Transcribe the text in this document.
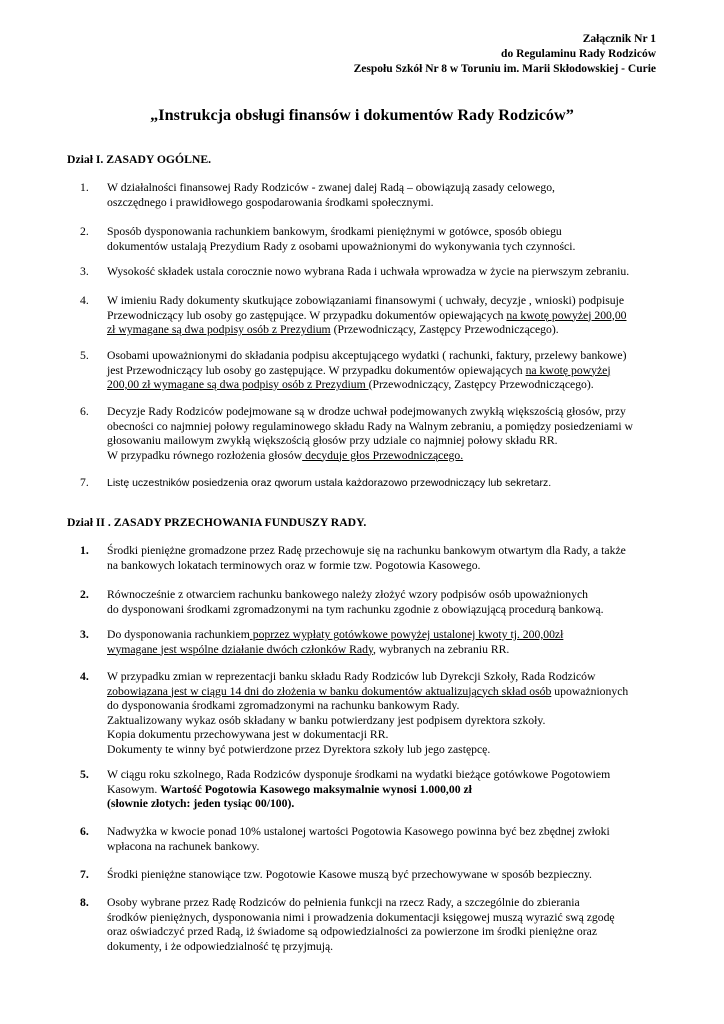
Załącznik Nr 1
do Regulaminu Rady Rodziców
Zespołu Szkół Nr 8 w Toruniu im. Marii Skłodowskiej - Curie
„Instrukcja obsługi finansów i dokumentów Rady Rodziców”
Dział I. ZASADY OGÓLNE.
1.	W działalności finansowej Rady Rodziców - zwanej dalej Radą – obowiązują zasady celowego,
oszczędnego i prawidłowego gospodarowania środkami społecznymi.
2.	Sposób dysponowania rachunkiem bankowym, środkami pieniężnymi w gotówce, sposób obiegu
dokumentów ustalają Prezydium Rady z osobami upoważnionymi do wykonywania tych czynności.
3.	Wysokość składek ustala corocznie nowo wybrana Rada i uchwała wprowadza w życie na pierwszym zebraniu.
4.	W imieniu Rady dokumenty skutkujące zobowiązaniami finansowymi ( uchwały, decyzje , wnioski) podpisuje
Przewodniczący lub osoby go zastępujące. W przypadku dokumentów opiewających na kwotę powyżej 200,00
zł wymagane są dwa podpisy osób z Prezydium (Przewodniczący, Zastępcy Przewodniczącego).
5.	Osobami upoważnionymi do składania podpisu akceptującego wydatki ( rachunki, faktury, przelewy bankowe)
jest Przewodniczący lub osoby go zastępujące. W przypadku dokumentów opiewających na kwotę powyżej
200,00 zł wymagane są dwa podpisy osób z Prezydium (Przewodniczący, Zastępcy Przewodniczącego).
6.	Decyzje Rady Rodziców podejmowane są w drodze uchwał podejmowanych zwykłą większością głosów, przy
obecności co najmniej połowy regulaminowego składu Rady na Walnym zebraniu, a pomiędzy posiedzeniami w
głosowaniu mailowym zwykłą większością głosów przy udziale co najmniej połowy składu RR.
W przypadku równego rozłożenia głosów decyduje głos Przewodniczącego.
7.	Listę uczestników posiedzenia oraz qworum ustala każdorazowo przewodniczący lub sekretarz.
Dział II . ZASADY PRZECHOWANIA FUNDUSZY RADY.
1.	Środki pieniężne gromadzone przez Radę przechowuje się na rachunku bankowym otwartym dla Rady, a także
na bankowych lokatach terminowych oraz w formie tzw. Pogotowia Kasowego.
2.	Równocześnie z otwarciem rachunku bankowego należy złożyć wzory podpisów osób upoważnionych
do dysponowani środkami zgromadzonymi na tym rachunku zgodnie z obowiązującą procedurą bankową.
3.	Do dysponowania rachunkiem poprzez wypłaty gotówkowe powyżej ustalonej kwoty tj. 200,00zł
wymagane jest wspólne działanie dwóch członków Rady, wybranych na zebraniu RR.
4.	W przypadku zmian w reprezentacji banku składu Rady Rodziców lub Dyrekcji Szkoły, Rada Rodziców
zobowiązana jest w ciągu 14 dni do złożenia w banku dokumentów aktualizujących skład osób upoważnionych
do dysponowania środkami zgromadzonymi na rachunku bankowym Rady.
Zaktualizowany wykaz osób składany w banku potwierdzany jest podpisem dyrektora szkoły.
Kopia dokumentu przechowywana jest w dokumentacji RR.
Dokumenty te winny być potwierdzone przez Dyrektora szkoły lub jego zastępcę.
5.	W ciągu roku szkolnego, Rada Rodziców dysponuje środkami na wydatki bieżące gotówkowe Pogotowiem
Kasowym. Wartość Pogotowia Kasowego maksymalnie wynosi 1.000,00 zł
(słownie złotych: jeden tysiąc 00/100).
6.	Nadwyżka w kwocie ponad 10% ustalonej wartości Pogotowia Kasowego powinna być bez zbędnej zwłoki
wpłacona na rachunek bankowy.
7.	Środki pieniężne stanowiące tzw. Pogotowie Kasowe muszą być przechowywane w sposób bezpieczny.
8.	Osoby wybrane przez Radę Rodziców do pełnienia funkcji na rzecz Rady, a szczególnie do zbierania
środków pieniężnych, dysponowania nimi i prowadzenia dokumentacji księgowej muszą wyrazić swą zgodę
oraz oświadczyć przed Radą, iż świadome są odpowiedzialności za powierzone im środki pieniężne oraz
dokumenty, i że odpowiedzialność tę przyjmują.
